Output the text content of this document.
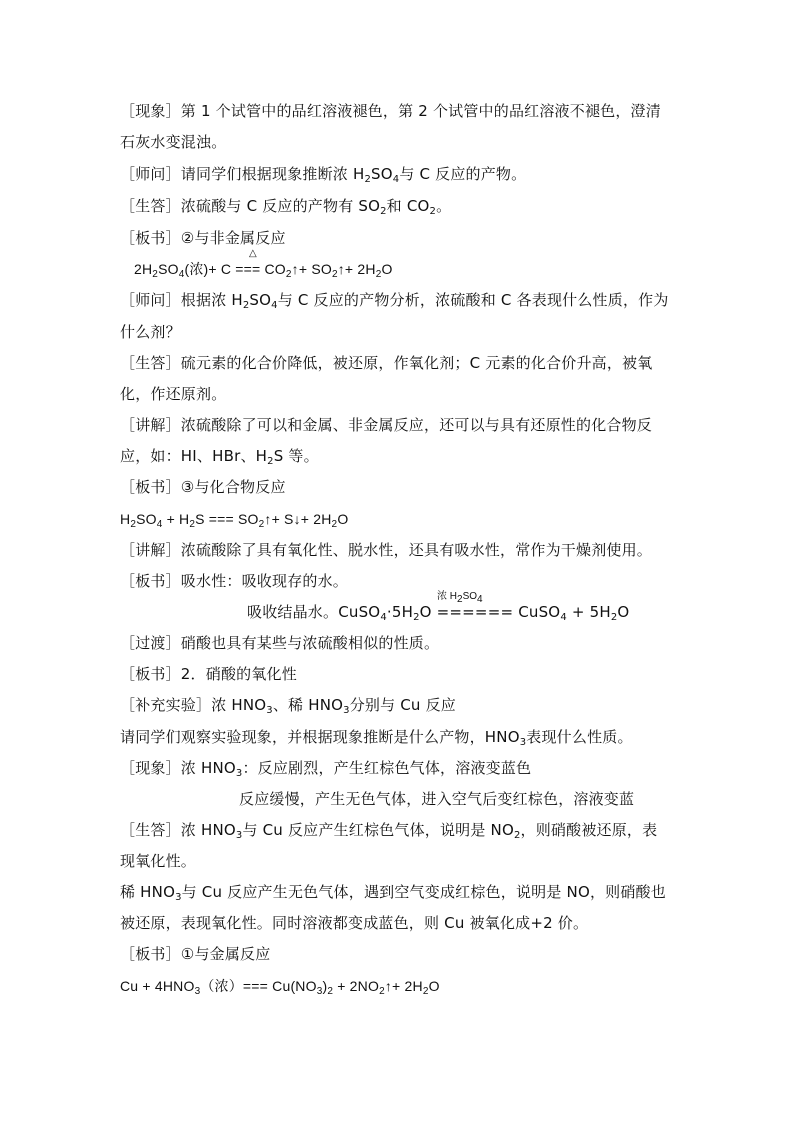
［现象］第 1 个试管中的品红溶液褪色，第 2 个试管中的品红溶液不褪色，澄清
石灰水变混浊。
［师问］请同学们根据现象推断浓 $H_2SO_4$与 C 反应的产物。
［生答］浓硫酸与 C 反应的产物有 $SO_2$和 $CO_2$。
［板书］②与非金属反应
△
$2H_2SO_4$(浓)+ C === $CO_2↑+$ $SO_2↑+ 2H_2O$
［师问］根据浓 $H_2SO_4$与 C 反应的产物分析，浓硫酸和 C 各表现什么性质，作为
什么剂？
［生答］硫元素的化合价降低，被还原，作氧化剂；C 元素的化合价升高，被氧
化，作还原剂。
［讲解］浓硫酸除了可以和金属、非金属反应，还可以与具有还原性的化合物反
应，如：HI、HBr、$H_2S$ 等。
［板书］③与化合物反应
$H_2SO_4 + H_2S$ === $SO_2↑+$ S↓+ $2H_2O$
［讲解］浓硫酸除了具有氧化性、脱水性，还具有吸水性，常作为干燥剂使用。
［板书］吸水性：吸收现存的水。
浓 $H_2SO_4$
吸收结晶水。$CuSO_4\cdot 5H_2O$ ====== CuSO$_4$ + $5H_2O$
［过渡］硝酸也具有某些与浓硫酸相似的性质。
［板书］2．硝酸的氧化性
［补充实验］浓 $HNO_3$、稀 $HNO_3$分别与 Cu 反应
请同学们观察实验现象，并根据现象推断是什么产物，$HNO_3$表现什么性质。
［现象］浓 $HNO_3$：反应剧烈，产生红棕色气体，溶液变蓝色
反应缓慢，产生无色气体，进入空气后变红棕色，溶液变蓝
［生答］浓 $HNO_3$与 Cu 反应产生红棕色气体，说明是 $NO_2$，则硝酸被还原，表
现氧化性。
稀 $HNO_3$与 Cu 反应产生无色气体，遇到空气变成红棕色，说明是 NO，则硝酸也
被还原，表现氧化性。同时溶液都变成蓝色，则 Cu 被氧化成+2 价。
［板书］①与金属反应
$Cu + 4HNO_3$（浓）=== $Cu(NO_3)_2$ + $2NO_2↑+ 2H_2O$
